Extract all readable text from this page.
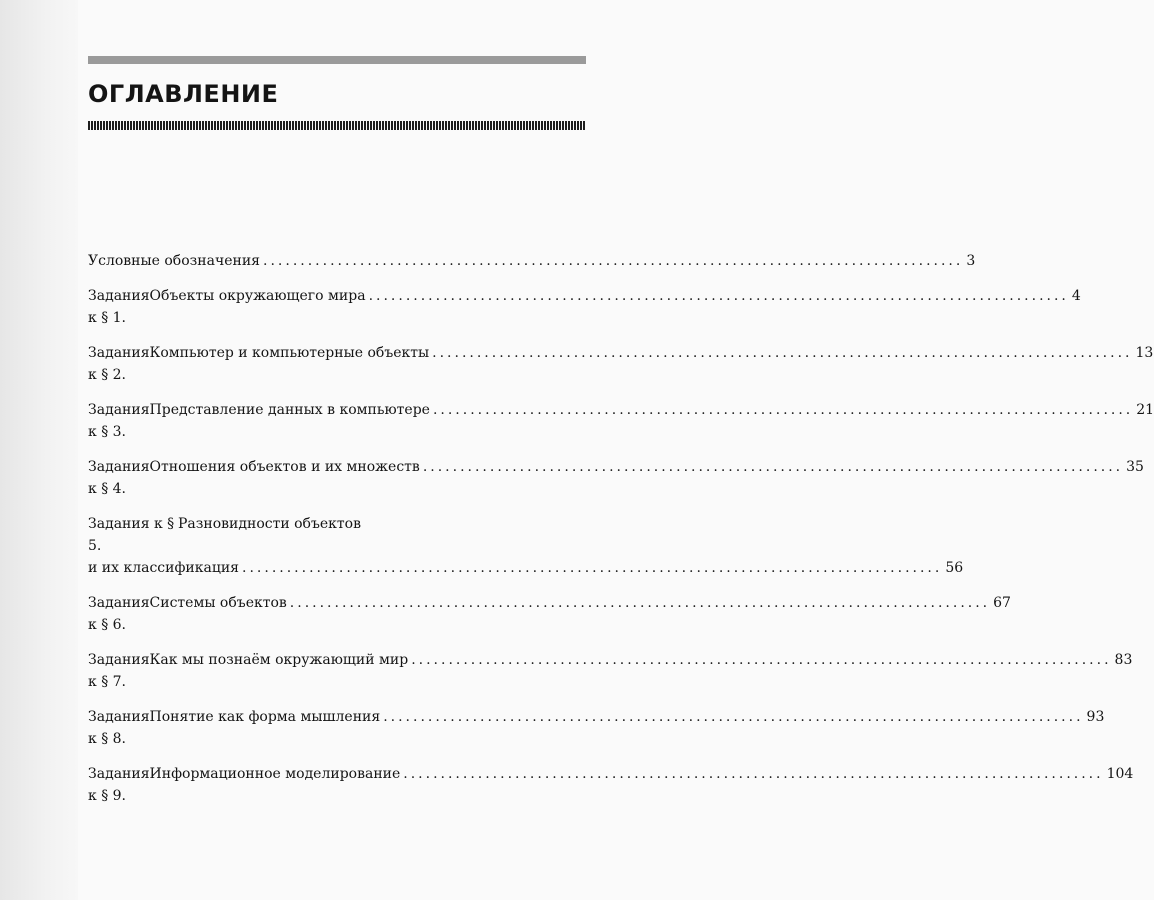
ОГЛАВЛЕНИЕ
Условные обозначения .............................................................................................. 3
Задания к § 1.
Объекты окружающего мира .............................................................................................. 4
Задания к § 2.
Компьютер и компьютерные объекты .............................................................................................. 13
Задания к § 3.
Представление данных в компьютере .............................................................................................. 21
Задания к § 4.
Отношения объектов и их множеств .............................................................................................. 35
Задания к § 5.
Разновидности объектов
и их классификация .............................................................................................. 56
Задания к § 6.
Системы объектов .............................................................................................. 67
Задания к § 7.
Как мы познаём окружающий мир .............................................................................................. 83
Задания к § 8.
Понятие как форма мышления .............................................................................................. 93
Задания к § 9.
Информационное моделирование .............................................................................................. 104
